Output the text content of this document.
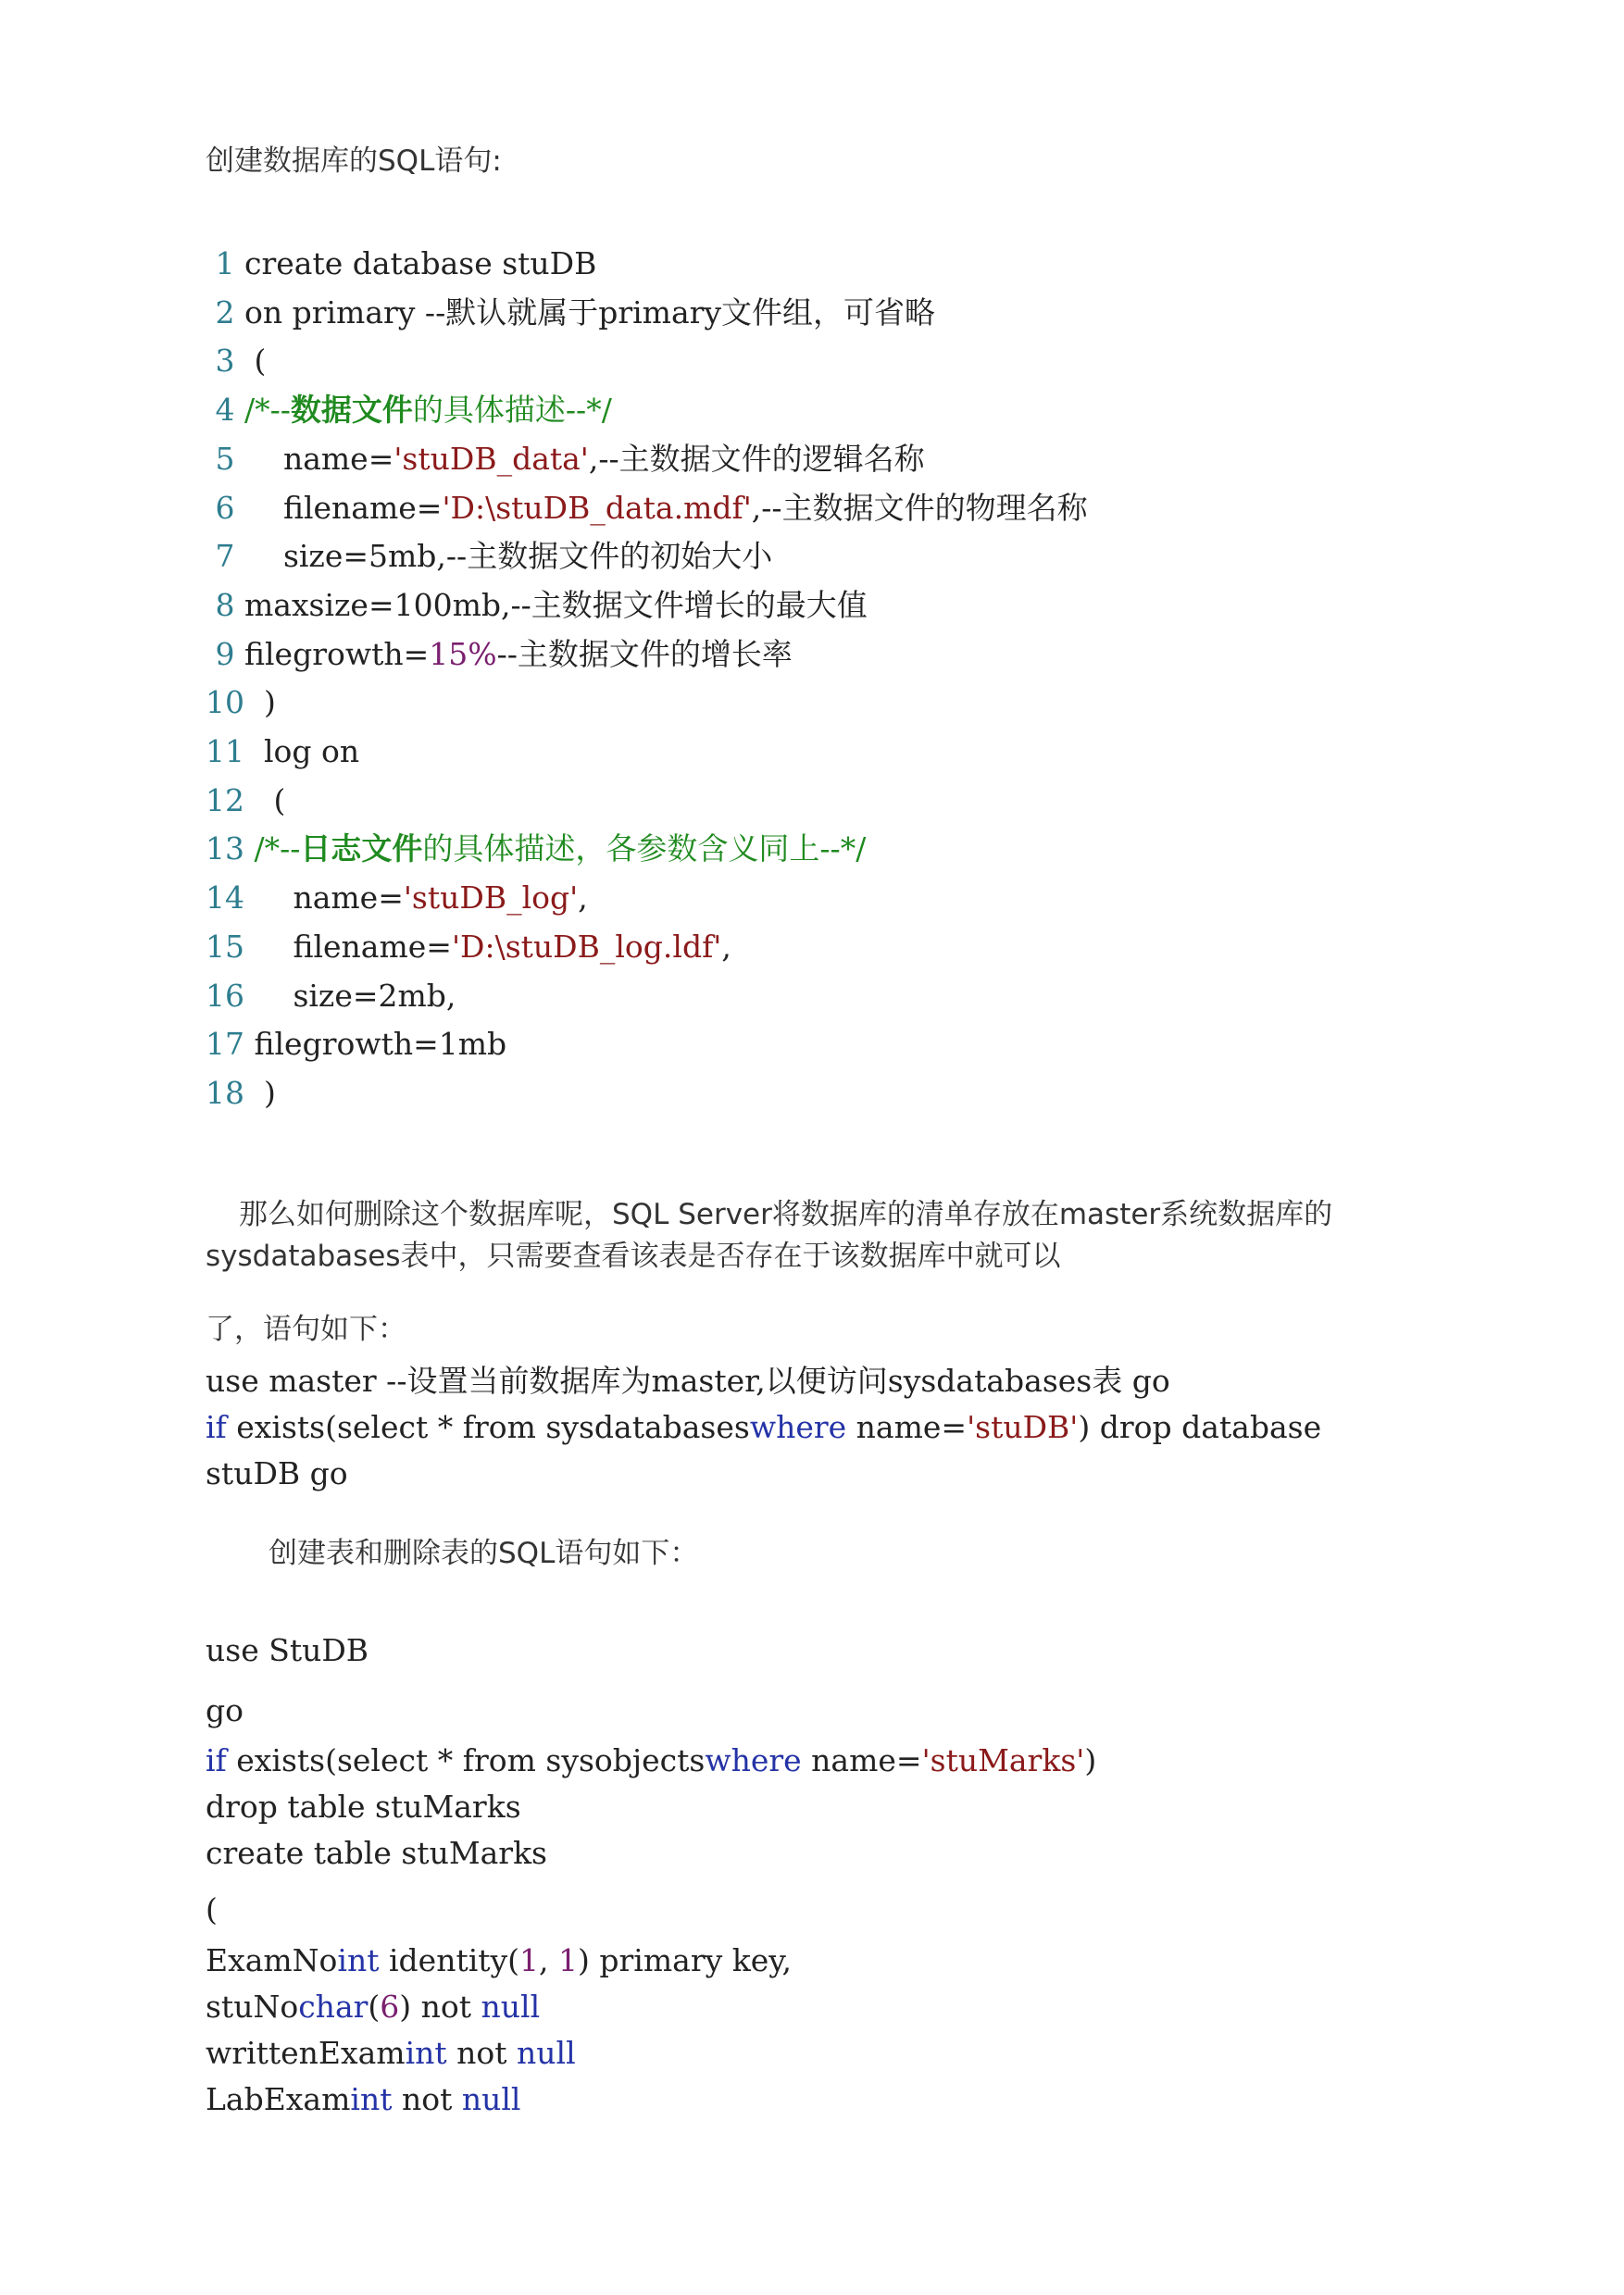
创建数据库的SQL语句:
1 create database stuDB
2 on primary --默认就属于primary文件组，可省略
3  (
4 /*--数据文件的具体描述--*/
5     name='stuDB_data',--主数据文件的逻辑名称
6     filename='D:\stuDB_data.mdf',--主数据文件的物理名称
7     size=5mb,--主数据文件的初始大小
8 maxsize=100mb,--主数据文件增长的最大值
9 filegrowth=15%--主数据文件的增长率
10  )
11  log on
12   (
13 /*--日志文件的具体描述，各参数含义同上--*/
14     name='stuDB_log',
15     filename='D:\stuDB_log.ldf',
16     size=2mb,
17 filegrowth=1mb
18  )
那么如何删除这个数据库呢，SQL Server将数据库的清单存放在master系统数据库的
sysdatabases表中，只需要查看该表是否存在于该数据库中就可以
了，语句如下：
use master --设置当前数据库为master,以便访问sysdatabases表 go
if exists(select * from sysdatabaseswhere name='stuDB') drop database
stuDB go
创建表和删除表的SQL语句如下：
use StuDB
go
if exists(select * from sysobjectswhere name='stuMarks')
drop table stuMarks
create table stuMarks
(
ExamNoint identity(1, 1) primary key,
stuNochar(6) not null
writtenExamint not null
LabExamint not null
